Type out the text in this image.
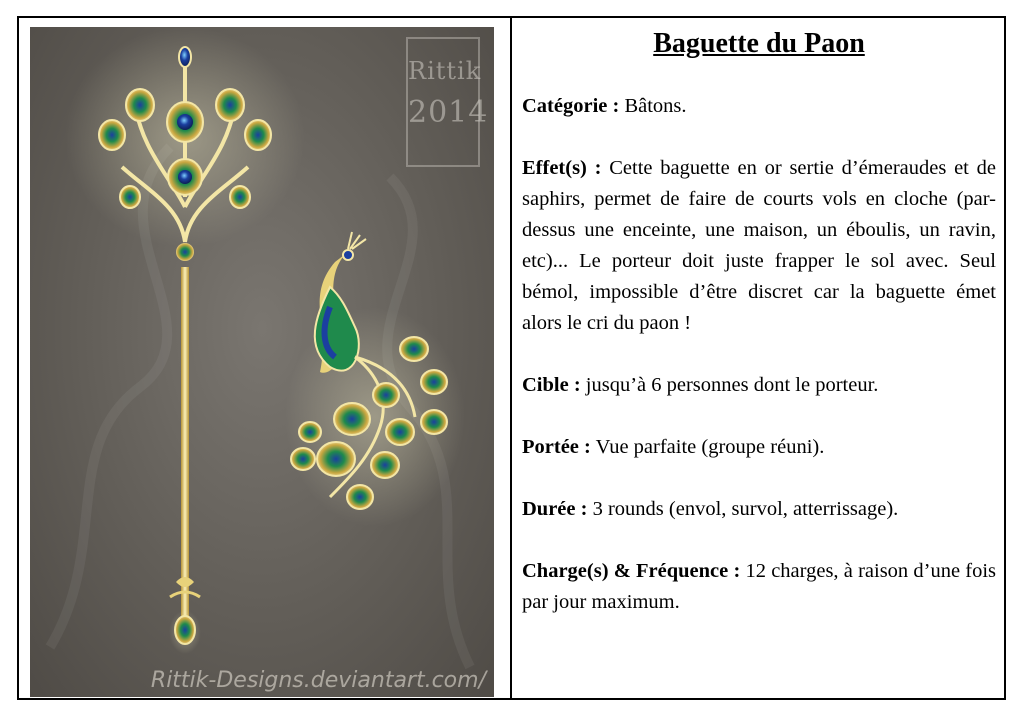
Rittik
2014
Rittik-Designs.deviantart.com/
Baguette du Paon
Catégorie : Bâtons.
Effet(s) : Cette baguette en or sertie d’émeraudes et de saphirs, permet de faire de courts vols en cloche (par-dessus une enceinte, une maison, un éboulis, un ravin, etc)... Le porteur doit juste frapper le sol avec. Seul bémol, impossible d’être discret car la baguette émet alors le cri du paon !
Cible : jusqu’à 6 personnes dont le porteur.
Portée : Vue parfaite (groupe réuni).
Durée : 3 rounds (envol, survol, atterrissage).
Charge(s) & Fréquence : 12 charges, à raison d’une fois par jour maximum.
